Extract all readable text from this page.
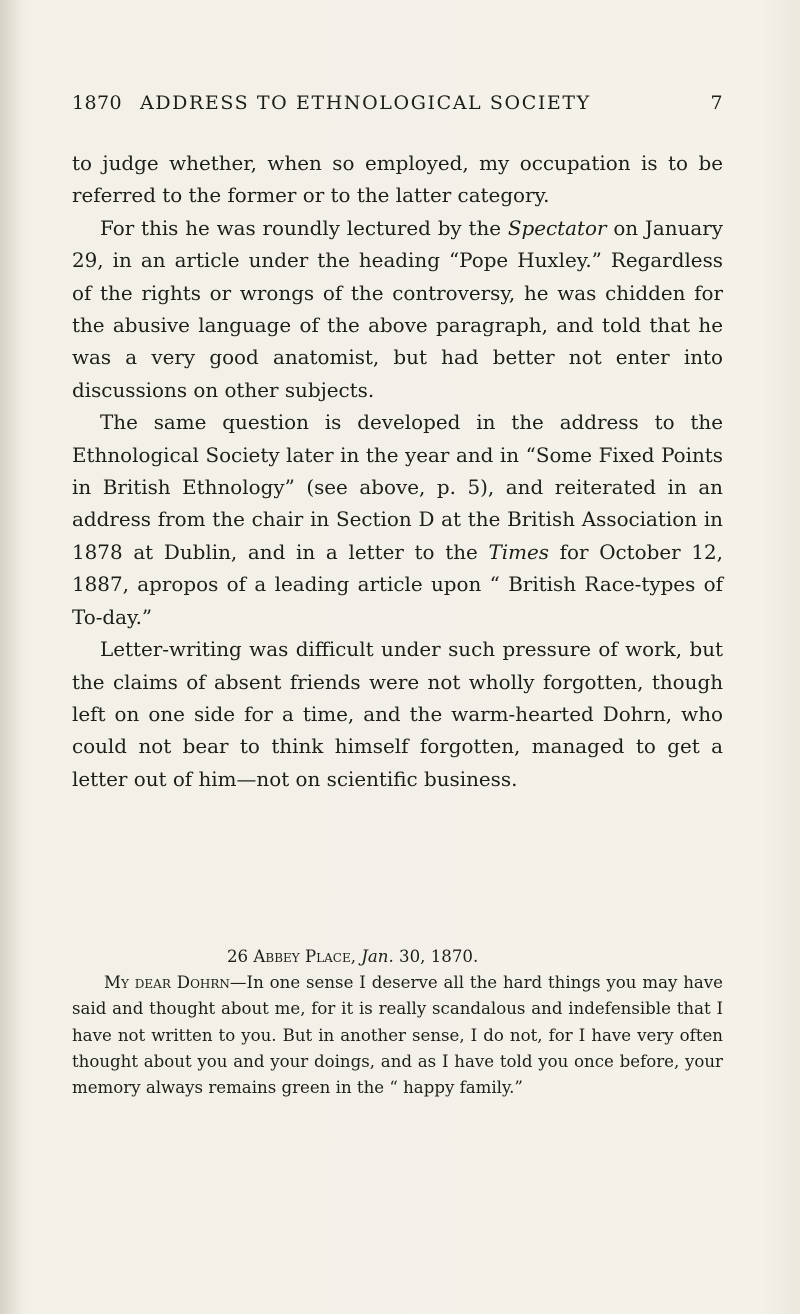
1870 ADDRESS TO ETHNOLOGICAL SOCIETY	7

to judge whether, when so employed, my occupation is to be referred to the former or to the latter category.

For this he was roundly lectured by the Spectator on January 29, in an article under the heading “Pope Huxley.” Regardless of the rights or wrongs of the controversy, he was chidden for the abusive language of the above paragraph, and told that he was a very good anatomist, but had better not enter into discussions on other subjects.

The same question is developed in the address to the Ethnological Society later in the year and in “Some Fixed Points in British Ethnology” (see above, p. 5), and reiterated in an address from the chair in Section D at the British Association in 1878 at Dublin, and in a letter to the Times for October 12, 1887, apropos of a leading article upon “ British Race-types of To-day.”

Letter-writing was difficult under such pressure of work, but the claims of absent friends were not wholly forgotten, though left on one side for a time, and the warm-hearted Dohrn, who could not bear to think himself forgotten, managed to get a letter out of him—not on scientific business.

26 Abbey Place, Jan. 30, 1870.

My dear Dohrn—In one sense I deserve all the hard things you may have said and thought about me, for it is really scandalous and indefensible that I have not written to you. But in another sense, I do not, for I have very often thought about you and your doings, and as I have told you once before, your memory always remains green in the “ happy family.”
